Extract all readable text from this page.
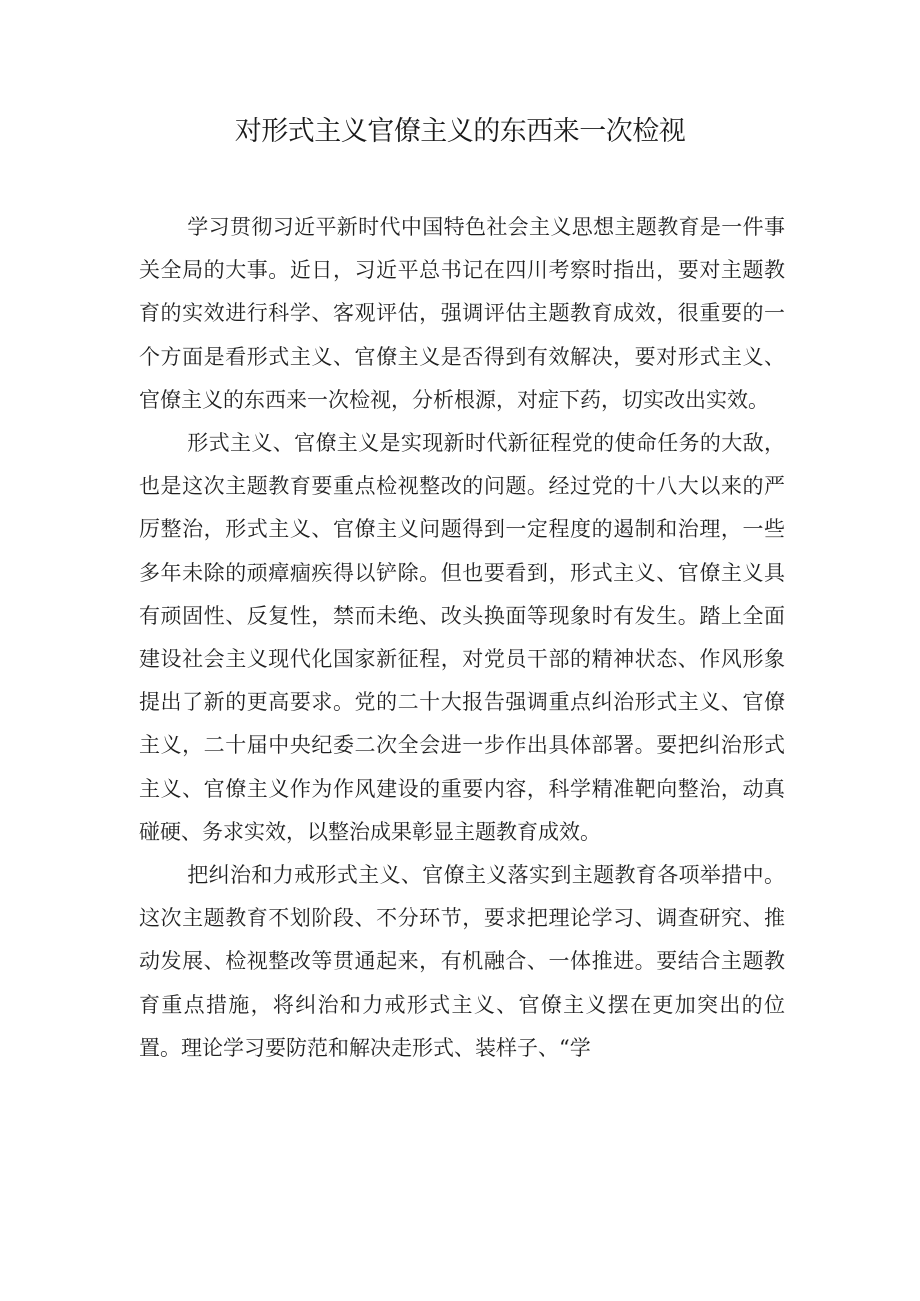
对形式主义官僚主义的东西来一次检视

学习贯彻习近平新时代中国特色社会主义思想主题教育是一件事关全局的大事。近日，习近平总书记在四川考察时指出，要对主题教育的实效进行科学、客观评估，强调评估主题教育成效，很重要的一个方面是看形式主义、官僚主义是否得到有效解决，要对形式主义、官僚主义的东西来一次检视，分析根源，对症下药，切实改出实效。

形式主义、官僚主义是实现新时代新征程党的使命任务的大敌，也是这次主题教育要重点检视整改的问题。经过党的十八大以来的严厉整治，形式主义、官僚主义问题得到一定程度的遏制和治理，一些多年未除的顽瘴痼疾得以铲除。但也要看到，形式主义、官僚主义具有顽固性、反复性，禁而未绝、改头换面等现象时有发生。踏上全面建设社会主义现代化国家新征程，对党员干部的精神状态、作风形象提出了新的更高要求。党的二十大报告强调重点纠治形式主义、官僚主义，二十届中央纪委二次全会进一步作出具体部署。要把纠治形式主义、官僚主义作为作风建设的重要内容，科学精准靶向整治，动真碰硬、务求实效，以整治成果彰显主题教育成效。

把纠治和力戒形式主义、官僚主义落实到主题教育各项举措中。这次主题教育不划阶段、不分环节，要求把理论学习、调查研究、推动发展、检视整改等贯通起来，有机融合、一体推进。要结合主题教育重点措施，将纠治和力戒形式主义、官僚主义摆在更加突出的位置。理论学习要防范和解决走形式、装样子、“学
